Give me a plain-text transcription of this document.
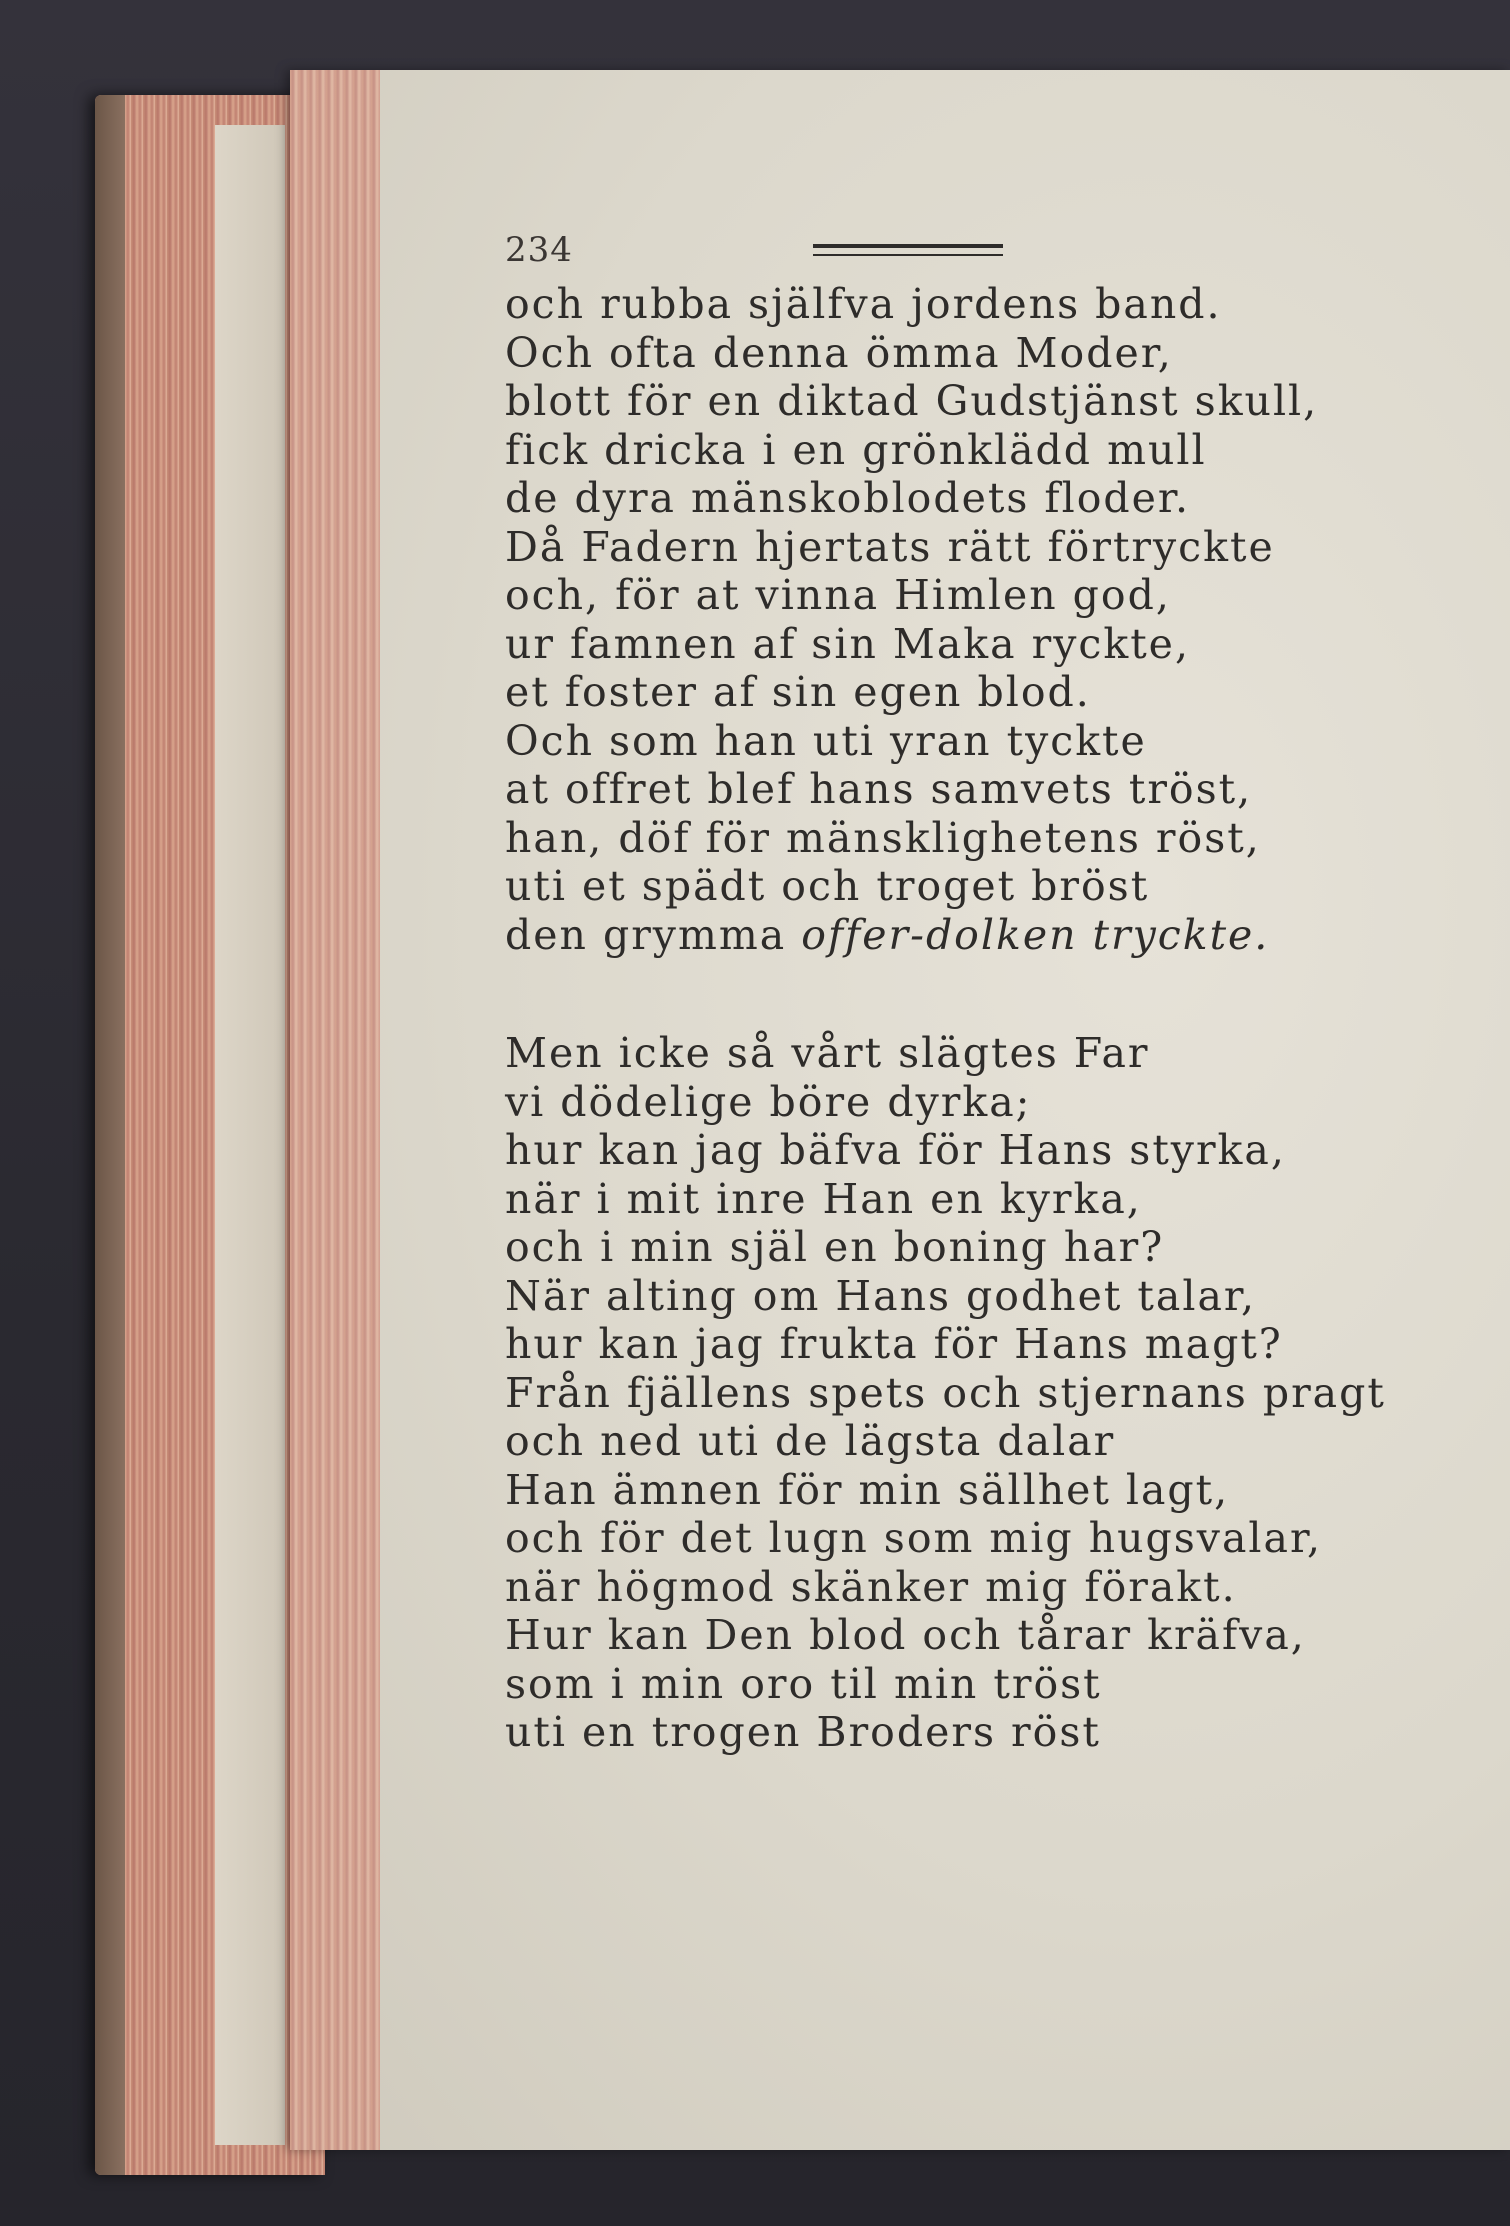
234
och rubba själfva jordens band.
Och ofta denna ömma Moder,
blott för en diktad Gudstjänst skull,
fick dricka i en grönklädd mull
de dyra mänskoblodets floder.
Då Fadern hjertats rätt förtryckte
och, för at vinna Himlen god,
ur famnen af sin Maka ryckte,
et foster af sin egen blod.
Och som han uti yran tyckte
at offret blef hans samvets tröst,
han, döf för mänsklighetens röst,
uti et spädt och troget bröst
den grymma offer-dolken tryckte.
Men icke så vårt slägtes Far
vi dödelige böre dyrka;
hur kan jag bäfva för Hans styrka,
när i mit inre Han en kyrka,
och i min själ en boning har?
När alting om Hans godhet talar,
hur kan jag frukta för Hans magt?
Från fjällens spets och stjernans pragt
och ned uti de lägsta dalar
Han ämnen för min sällhet lagt,
och för det lugn som mig hugsvalar,
när högmod skänker mig förakt.
Hur kan Den blod och tårar kräfva,
som i min oro til min tröst
uti en trogen Broders röst
